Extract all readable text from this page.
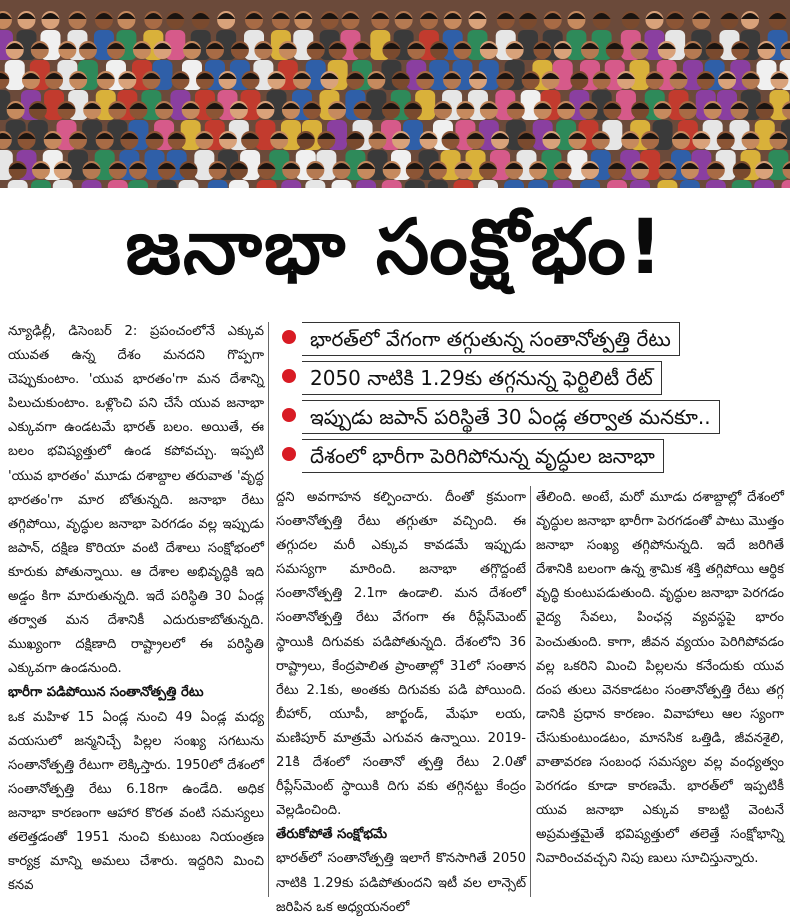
జనాభా సంక్షోభం!

న్యూఢిల్లీ, డిసెంబర్ 2: ప్రపంచంలోనే ఎక్కువ యువత ఉన్న దేశం మనదని గొప్పగా చెప్పుకుంటాం. 'యువ భారతం'గా మన దేశాన్ని పిలుచుకుంటాం. ఒళ్లొంచి పని చేసే యువ జనాభా ఎక్కువగా ఉండటమే భారత్ బలం. అయితే, ఈ బలం భవిష్యత్తులో ఉండ కపోవచ్చు. ఇప్పటి 'యువ భారతం' మూడు దశాబ్దాల తరువాత 'వృద్ధ భారతం'గా మార బోతున్నది. జనాభా రేటు తగ్గిపోయి, వృద్ధుల జనాభా పెరగడం వల్ల ఇప్పుడు జపాన్, దక్షిణ కొరియా వంటి దేశాలు సంక్షోభంలో కూరుకు పోతున్నాయి. ఆ దేశాల అభివృద్ధికి ఇది అడ్డం కిగా మారుతున్నది. ఇదే పరిస్థితి 30 ఏండ్ల తర్వాత మన దేశానికీ ఎదురుకాబోతున్నది. ముఖ్యంగా దక్షిణాది రాష్ట్రాలలో ఈ పరిస్థితి ఎక్కువగా ఉండనుంది.

భారీగా పడిపోయిన సంతానోత్పత్తి రేటు

ఒక మహిళ 15 ఏండ్ల నుంచి 49 ఏండ్ల మధ్య వయసులో జన్మనిచ్చే పిల్లల సంఖ్య సగటును సంతానోత్పత్తి రేటుగా లెక్కిస్తారు. 1950లో దేశంలో సంతానోత్పత్తి రేటు 6.18గా ఉండేది. అధిక జనాభా కారణంగా ఆహార కొరత వంటి సమస్యలు తలెత్తడంతో 1951 నుంచి కుటుంబ నియంత్రణ కార్యక్ర మాన్ని అమలు చేశారు. ఇద్దరిని మించి కనవ

భారత్‌లో వేగంగా తగ్గుతున్న సంతానోత్పత్తి రేటు
2050 నాటికి 1.29కు తగ్గనున్న ఫెర్టిలిటీ రేట్
ఇప్పుడు జపాన్ పరిస్థితే 30 ఏండ్ల తర్వాత మనకూ..
దేశంలో భారీగా పెరిగిపోనున్న వృద్ధుల జనాభా

ద్దని అవగాహన కల్పించారు. దీంతో క్రమంగా సంతానోత్పత్తి రేటు తగ్గుతూ వచ్చింది. ఈ తగ్గుదల మరీ ఎక్కువ కావడమే ఇప్పుడు సమస్యగా మారింది. జనాభా తగ్గొద్దంటే సంతానోత్పత్తి 2.1గా ఉండాలి. మన దేశంలో సంతానోత్పత్తి రేటు వేగంగా ఈ రీప్లేస్‌మెంట్ స్థాయికి దిగువకు పడిపోతున్నది. దేశంలోని 36 రాష్ట్రాలు, కేంద్రపాలిత ప్రాంతాల్లో 31లో సంతాన రేటు 2.1కు, అంతకు దిగువకు పడి పోయింది. బీహార్, యూపీ, జార్ఖండ్, మేఘా లయ, మణిపూర్ మాత్రమే ఎగువన ఉన్నాయి. 2019-21కి దేశంలో సంతానో త్పత్తి రేటు 2.0తో రీప్లేస్‌మెంట్ స్థాయికి దిగు వకు తగ్గినట్టు కేంద్రం వెల్లడించింది.

తేరుకోపోతే సంక్షోభమే

భారత్‌లో సంతానోత్పత్తి ఇలాగే కొనసాగితే 2050 నాటికి 1.29కు పడిపోతుందని ఇటీ వల లాన్సెట్ జరిపిన ఒక అధ్యయనంలో

తేలింది. అంటే, మరో మూడు దశాబ్దాల్లో దేశంలో వృద్ధుల జనాభా భారీగా పెరగడంతో పాటు మొత్తం జనాభా సంఖ్య తగ్గిపోనున్నది. ఇదే జరిగితే దేశానికి బలంగా ఉన్న శ్రామిక శక్తి తగ్గిపోయి ఆర్థిక వృద్ధి కుంటుపడుతుంది. వృద్ధుల జనాభా పెరగడం వైద్య సేవలు, పింఛన్ల వ్యవస్థపై భారం పెంచుతుంది. కాగా, జీవన వ్యయం పెరిగిపోవడం వల్ల ఒకరిని మించి పిల్లలను కనేందుకు యువ దంప తులు వెనకాడటం సంతానోత్పత్తి రేటు తగ్గ డానికి ప్రధాన కారణం. వివాహాలు ఆల స్యంగా చేసుకుంటుండటం, మానసిక ఒత్తిడి, జీవనశైలి, వాతావరణ సంబంధ సమస్యల వల్ల వంధ్యత్వం పెరగడం కూడా కారణమే. భారత్‌లో ఇప్పటికీ యువ జనాభా ఎక్కువ కాబట్టి వెంటనే అప్రమత్తమైతే భవిష్యత్తులో తలెత్తే సంక్షోభాన్ని నివారించవచ్చని నిపు ణులు సూచిస్తున్నారు.
